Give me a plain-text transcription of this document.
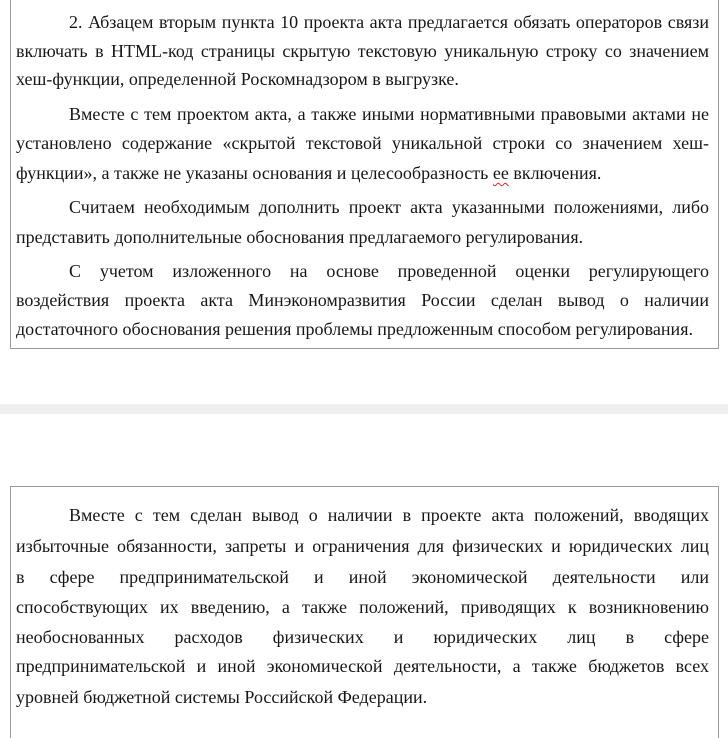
2. Абзацем вторым пункта 10 проекта акта предлагается обязать операторов связи
включать в HTML-код страницы скрытую текстовую уникальную строку со значением
хеш-функции, определенной Роскомнадзором в выгрузке.
Вместе с тем проектом акта, а также иными нормативными правовыми актами не
установлено содержание «скрытой текстовой уникальной строки со значением хеш-
функции», а также не указаны основания и целесообразность ее включения.
Считаем необходимым дополнить проект акта указанными положениями, либо
представить дополнительные обоснования предлагаемого регулирования.
С учетом изложенного на основе проведенной оценки регулирующего
воздействия проекта акта Минэкономразвития России сделан вывод о наличии
достаточного обоснования решения проблемы предложенным способом регулирования.
Вместе с тем сделан вывод о наличии в проекте акта положений, вводящих
избыточные обязанности, запреты и ограничения для физических и юридических лиц
в сфере предпринимательской и иной экономической деятельности или
способствующих их введению, а также положений, приводящих к возникновению
необоснованных расходов физических и юридических лиц в сфере
предпринимательской и иной экономической деятельности, а также бюджетов всех
уровней бюджетной системы Российской Федерации.
